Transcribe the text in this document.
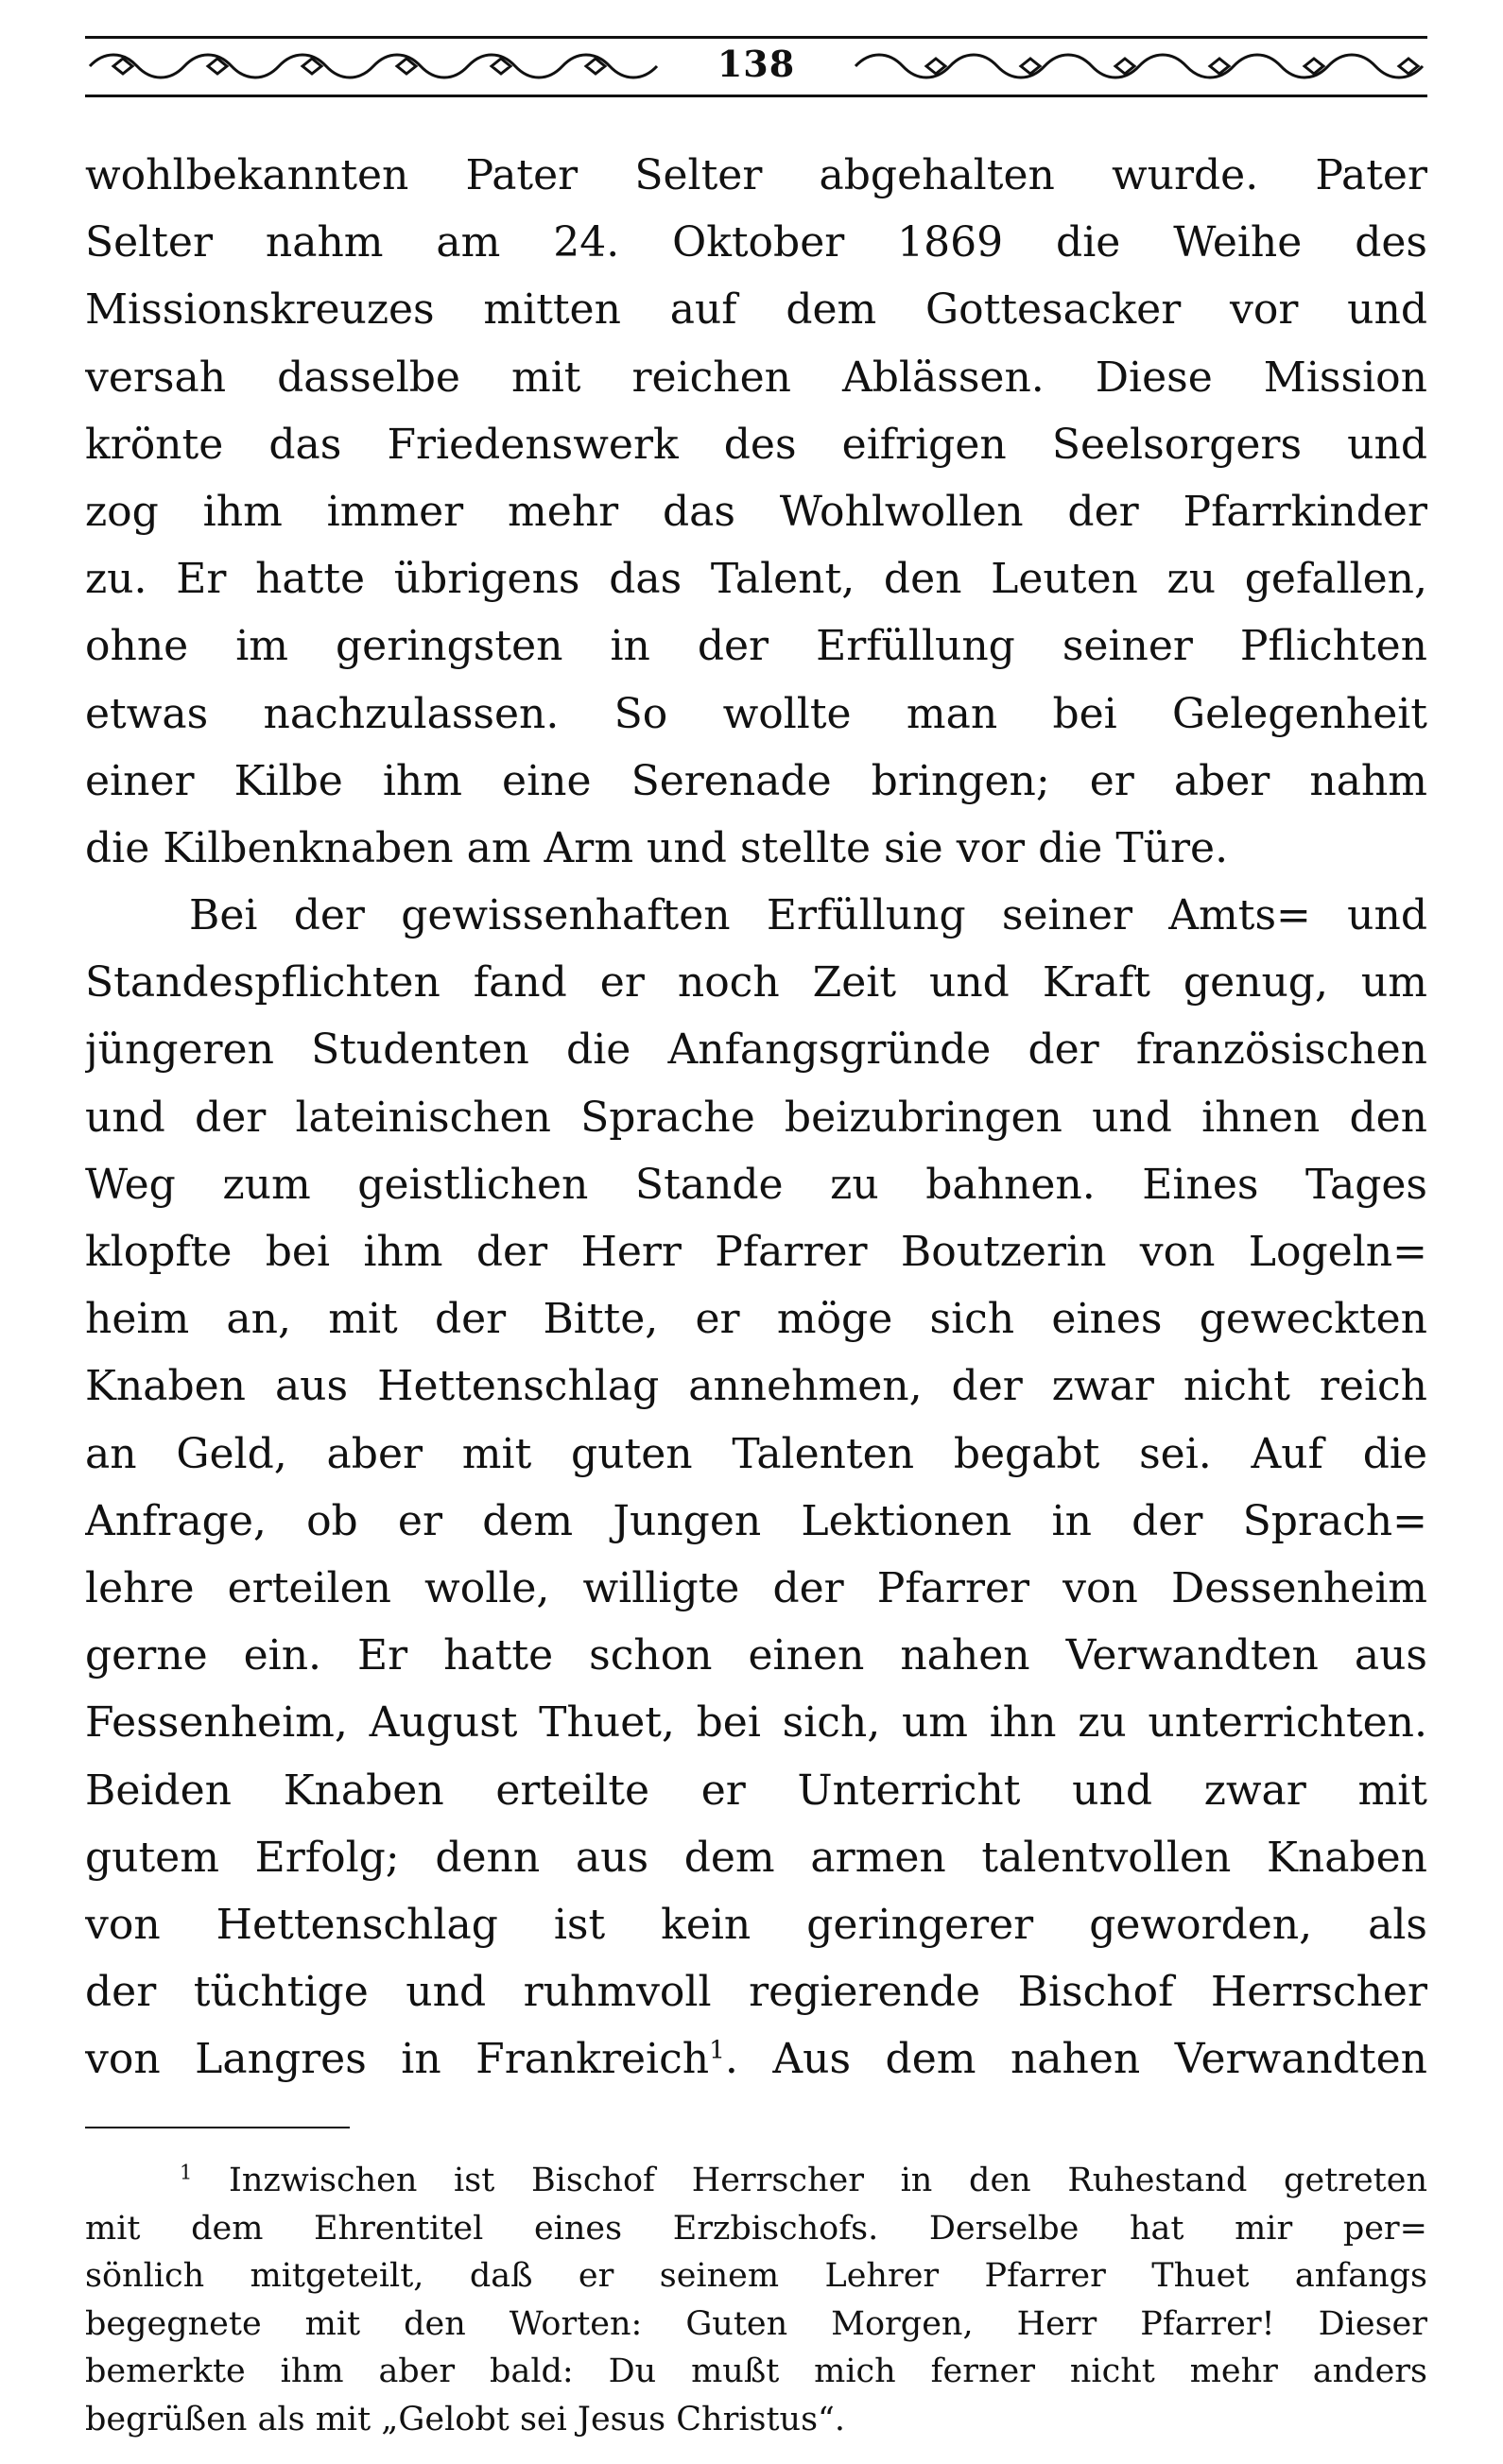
138
wohlbekannten Pater Selter abgehalten wurde. Pater
Selter nahm am 24. Oktober 1869 die Weihe des
Missionskreuzes mitten auf dem Gottesacker vor und
versah dasselbe mit reichen Ablässen. Diese Mission
krönte das Friedenswerk des eifrigen Seelsorgers und
zog ihm immer mehr das Wohlwollen der Pfarrkinder
zu. Er hatte übrigens das Talent, den Leuten zu gefallen,
ohne im geringsten in der Erfüllung seiner Pflichten
etwas nachzulassen. So wollte man bei Gelegenheit
einer Kilbe ihm eine Serenade bringen; er aber nahm
die Kilbenknaben am Arm und stellte sie vor die Türe.
Bei der gewissenhaften Erfüllung seiner Amts= und
Standespflichten fand er noch Zeit und Kraft genug, um
jüngeren Studenten die Anfangsgründe der französischen
und der lateinischen Sprache beizubringen und ihnen den
Weg zum geistlichen Stande zu bahnen. Eines Tages
klopfte bei ihm der Herr Pfarrer Boutzerin von Logeln=
heim an, mit der Bitte, er möge sich eines geweckten
Knaben aus Hettenschlag annehmen, der zwar nicht reich
an Geld, aber mit guten Talenten begabt sei. Auf die
Anfrage, ob er dem Jungen Lektionen in der Sprach=
lehre erteilen wolle, willigte der Pfarrer von Dessenheim
gerne ein. Er hatte schon einen nahen Verwandten aus
Fessenheim, August Thuet, bei sich, um ihn zu unterrichten.
Beiden Knaben erteilte er Unterricht und zwar mit
gutem Erfolg; denn aus dem armen talentvollen Knaben
von Hettenschlag ist kein geringerer geworden, als
der tüchtige und ruhmvoll regierende Bischof Herrscher
von Langres in Frankreich$^1$. Aus dem nahen Verwandten
$^1$ Inzwischen ist Bischof Herrscher in den Ruhestand getreten
mit dem Ehrentitel eines Erzbischofs. Derselbe hat mir per=
sönlich mitgeteilt, daß er seinem Lehrer Pfarrer Thuet anfangs
begegnete mit den Worten: Guten Morgen, Herr Pfarrer! Dieser
bemerkte ihm aber bald: Du mußt mich ferner nicht mehr anders
begrüßen als mit „Gelobt sei Jesus Christus“.
